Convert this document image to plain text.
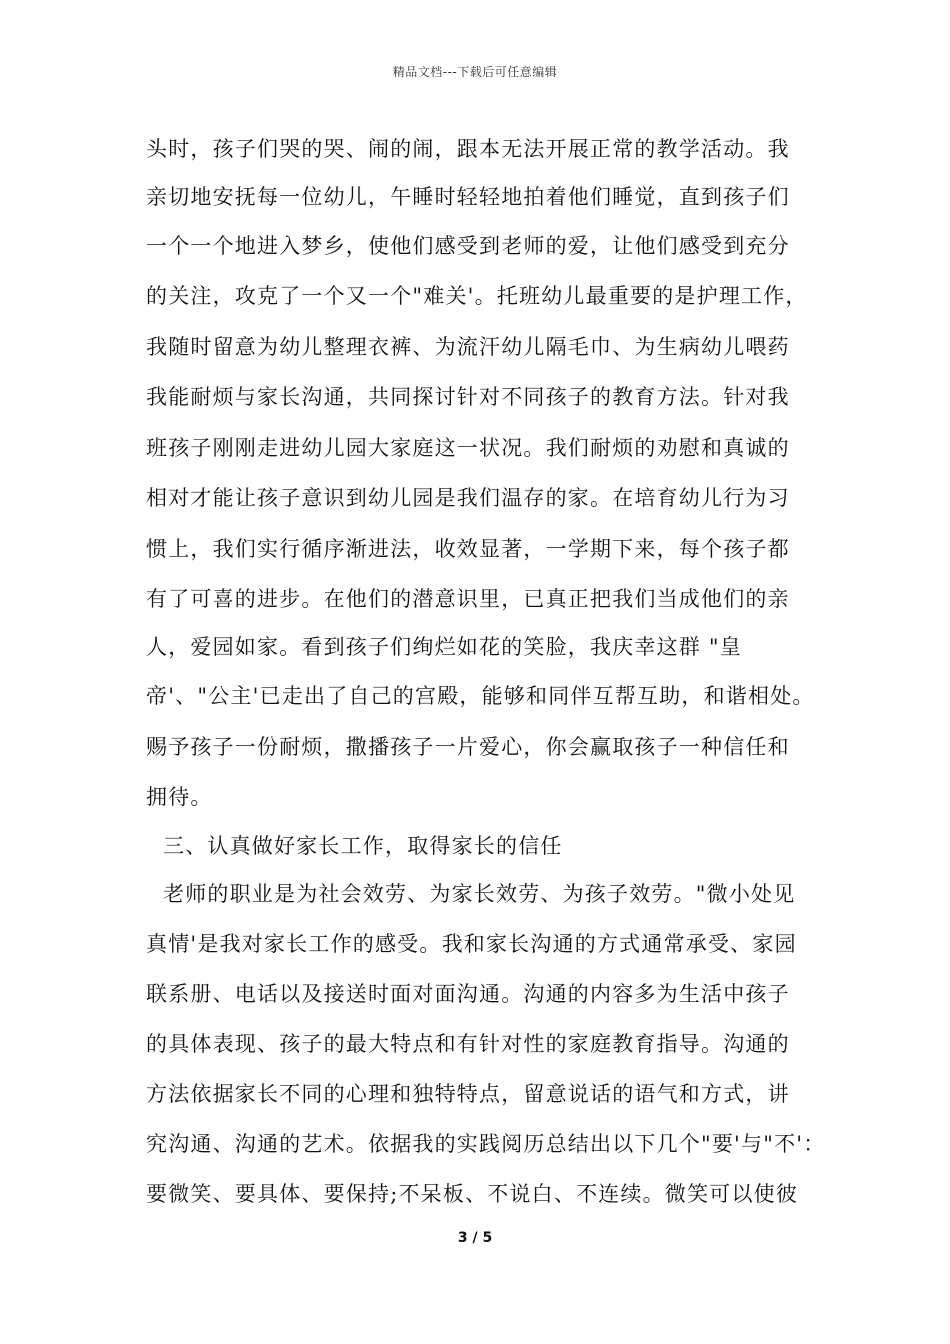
精品文档---下载后可任意编辑
头时，孩子们哭的哭、闹的闹，跟本无法开展正常的教学活动。我
亲切地安抚每一位幼儿，午睡时轻轻地拍着他们睡觉，直到孩子们
一个一个地进入梦乡，使他们感受到老师的爱，让他们感受到充分
的关注，攻克了一个又一个"难关'。托班幼儿最重要的是护理工作，
我随时留意为幼儿整理衣裤、为流汗幼儿隔毛巾、为生病幼儿喂药
我能耐烦与家长沟通，共同探讨针对不同孩子的教育方法。针对我
班孩子刚刚走进幼儿园大家庭这一状况。我们耐烦的劝慰和真诚的
相对才能让孩子意识到幼儿园是我们温存的家。在培育幼儿行为习
惯上，我们实行循序渐进法，收效显著，一学期下来，每个孩子都
有了可喜的进步。在他们的潜意识里，已真正把我们当成他们的亲
人，爱园如家。看到孩子们绚烂如花的笑脸，我庆幸这群 "皇
帝'、"公主'已走出了自己的宫殿，能够和同伴互帮互助，和谐相处。
赐予孩子一份耐烦，撒播孩子一片爱心，你会赢取孩子一种信任和
拥待。
三、认真做好家长工作，取得家长的信任
老师的职业是为社会效劳、为家长效劳、为孩子效劳。"微小处见
真情'是我对家长工作的感受。我和家长沟通的方式通常承受、家园
联系册、电话以及接送时面对面沟通。沟通的内容多为生活中孩子
的具体表现、孩子的最大特点和有针对性的家庭教育指导。沟通的
方法依据家长不同的心理和独特特点，留意说话的语气和方式，讲
究沟通、沟通的艺术。依据我的实践阅历总结出以下几个"要'与"不'：
要微笑、要具体、要保持;不呆板、不说白、不连续。微笑可以使彼
3 / 5
